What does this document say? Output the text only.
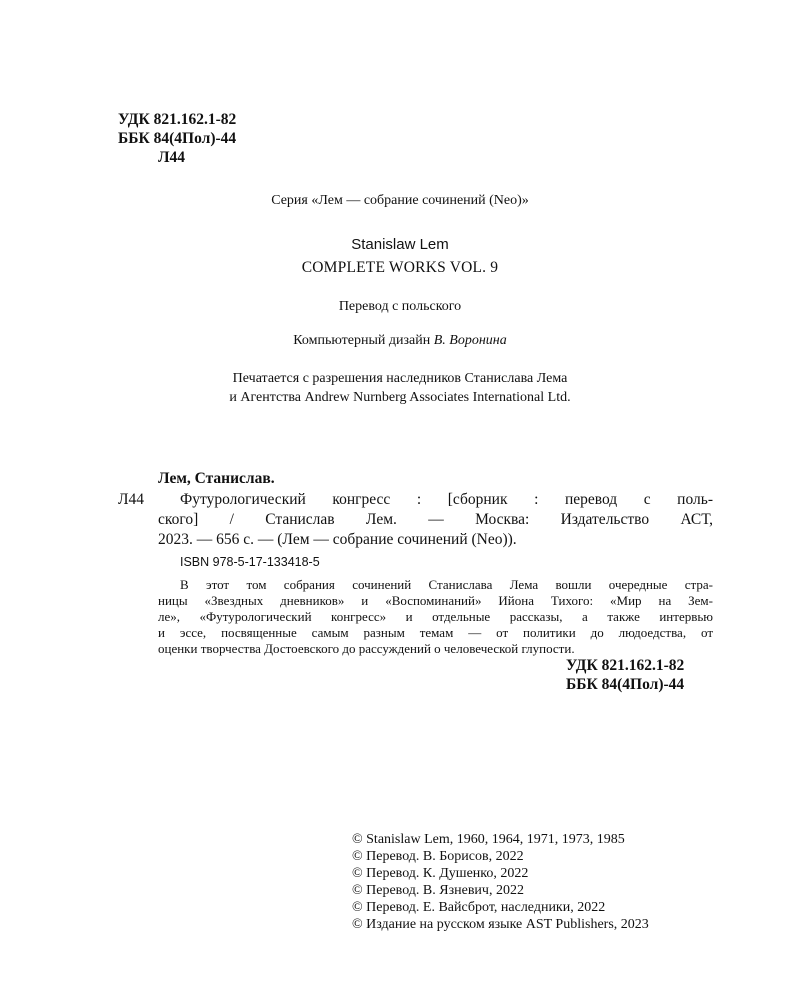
УДК 821.162.1-82
ББК 84(4Пол)-44
Л44
Серия «Лем — собрание сочинений (Neo)»
Stanislaw Lem
COMPLETE WORKS VOL. 9
Перевод с польского
Компьютерный дизайн В. Воронина
Печатается с разрешения наследников Станислава Лема
и Агентства Andrew Nurnberg Associates International Ltd.
Лем, Станислав.
Л44 Футурологический конгресс : [сборник : перевод с поль-
ского] / Станислав Лем. — Москва: Издательство АСТ,
2023. — 656 с. — (Лем — собрание сочинений (Neo)).
ISBN 978-5-17-133418-5
В этот том собрания сочинений Станислава Лема вошли очередные стра-
ницы «Звездных дневников» и «Воспоминаний» Ийона Тихого: «Мир на Зем-
ле», «Футурологический конгресс» и отдельные рассказы, а также интервью
и эссе, посвященные самым разным темам — от политики до людоедства, от
оценки творчества Достоевского до рассуждений о человеческой глупости.
УДК 821.162.1-82
ББК 84(4Пол)-44
© Stanislaw Lem, 1960, 1964, 1971, 1973, 1985
© Перевод. В. Борисов, 2022
© Перевод. К. Душенко, 2022
© Перевод. В. Язневич, 2022
© Перевод. Е. Вайсброт, наследники, 2022
© Издание на русском языке AST Publishers, 2023
